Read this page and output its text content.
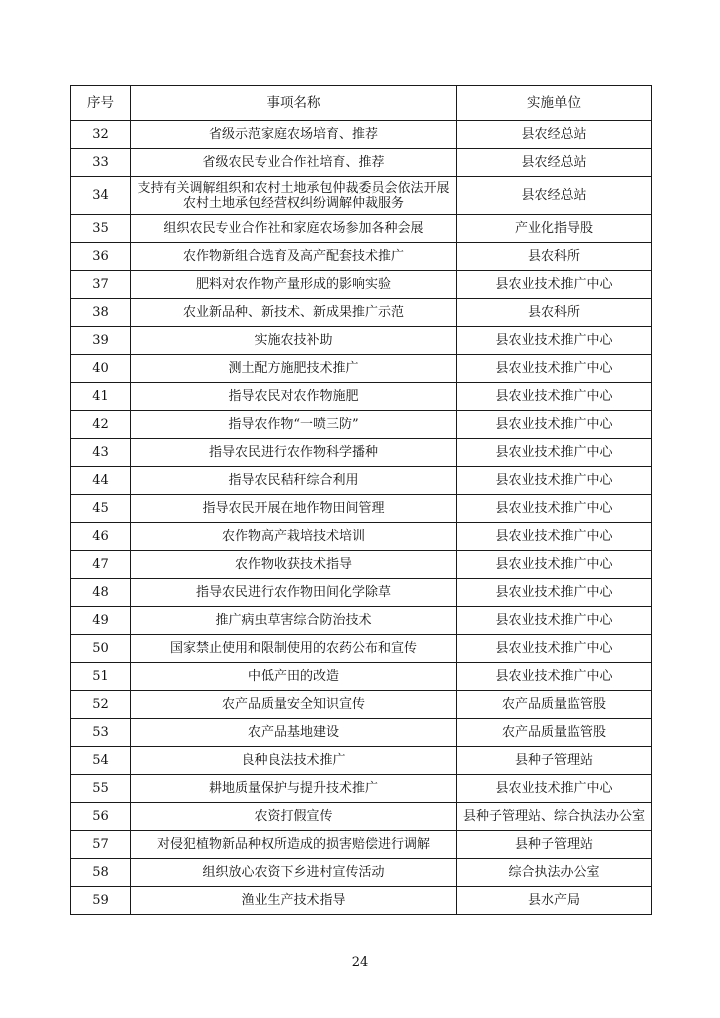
序号	事项名称	实施单位
32	省级示范家庭农场培育、推荐	县农经总站
33	省级农民专业合作社培育、推荐	县农经总站
34	支持有关调解组织和农村土地承包仲裁委员会依法开展农村土地承包经营权纠纷调解仲裁服务	县农经总站
35	组织农民专业合作社和家庭农场参加各种会展	产业化指导股
36	农作物新组合选育及高产配套技术推广	县农科所
37	肥料对农作物产量形成的影响实验	县农业技术推广中心
38	农业新品种、新技术、新成果推广示范	县农科所
39	实施农技补助	县农业技术推广中心
40	测土配方施肥技术推广	县农业技术推广中心
41	指导农民对农作物施肥	县农业技术推广中心
42	指导农作物“一喷三防”	县农业技术推广中心
43	指导农民进行农作物科学播种	县农业技术推广中心
44	指导农民秸秆综合利用	县农业技术推广中心
45	指导农民开展在地作物田间管理	县农业技术推广中心
46	农作物高产栽培技术培训	县农业技术推广中心
47	农作物收获技术指导	县农业技术推广中心
48	指导农民进行农作物田间化学除草	县农业技术推广中心
49	推广病虫草害综合防治技术	县农业技术推广中心
50	国家禁止使用和限制使用的农药公布和宣传	县农业技术推广中心
51	中低产田的改造	县农业技术推广中心
52	农产品质量安全知识宣传	农产品质量监管股
53	农产品基地建设	农产品质量监管股
54	良种良法技术推广	县种子管理站
55	耕地质量保护与提升技术推广	县农业技术推广中心
56	农资打假宣传	县种子管理站、综合执法办公室
57	对侵犯植物新品种权所造成的损害赔偿进行调解	县种子管理站
58	组织放心农资下乡进村宣传活动	综合执法办公室
59	渔业生产技术指导	县水产局
24
